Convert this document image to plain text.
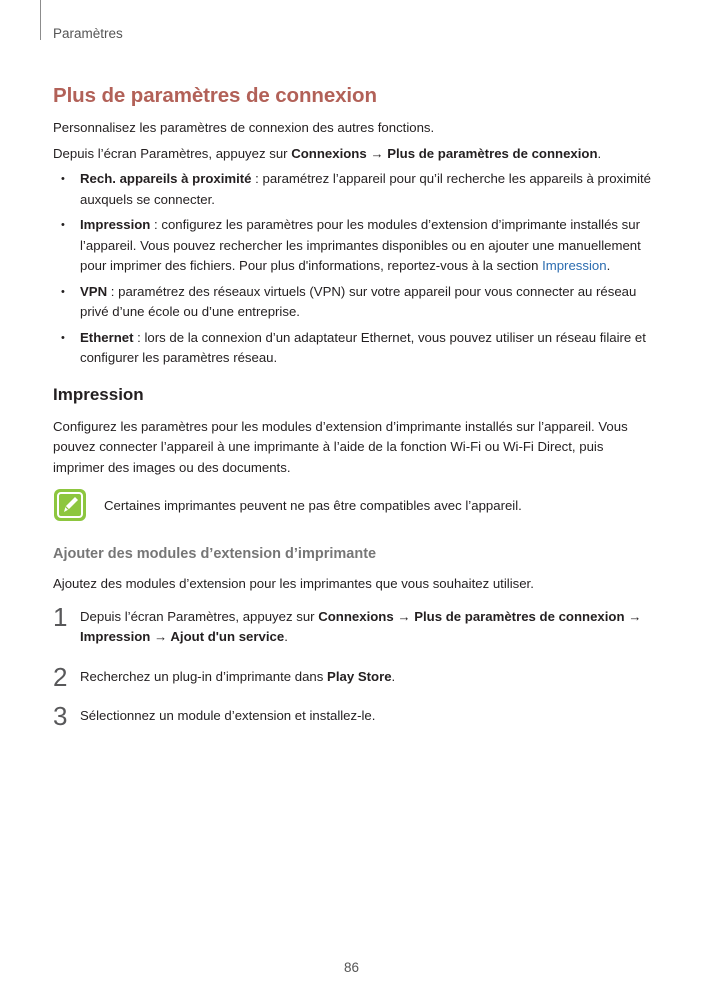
Paramètres
Plus de paramètres de connexion

Personnalisez les paramètres de connexion des autres fonctions.

Depuis l’écran Paramètres, appuyez sur Connexions → Plus de paramètres de connexion.

• Rech. appareils à proximité : paramétrez l’appareil pour qu’il recherche les appareils à proximité auxquels se connecter.
• Impression : configurez les paramètres pour les modules d’extension d’imprimante installés sur l’appareil. Vous pouvez rechercher les imprimantes disponibles ou en ajouter une manuellement pour imprimer des fichiers. Pour plus d'informations, reportez-vous à la section Impression.
• VPN : paramétrez des réseaux virtuels (VPN) sur votre appareil pour vous connecter au réseau privé d’une école ou d’une entreprise.
• Ethernet : lors de la connexion d’un adaptateur Ethernet, vous pouvez utiliser un réseau filaire et configurer les paramètres réseau.
Impression

Configurez les paramètres pour les modules d’extension d’imprimante installés sur l’appareil. Vous pouvez connecter l’appareil à une imprimante à l’aide de la fonction Wi-Fi ou Wi-Fi Direct, puis imprimer des images ou des documents.

Certaines imprimantes peuvent ne pas être compatibles avec l’appareil.
Ajouter des modules d’extension d’imprimante

Ajoutez des modules d’extension pour les imprimantes que vous souhaitez utiliser.

1 Depuis l’écran Paramètres, appuyez sur Connexions → Plus de paramètres de connexion →
Impression → Ajout d'un service.
2 Recherchez un plug-in d’imprimante dans Play Store.
3 Sélectionnez un module d’extension et installez-le.
86
